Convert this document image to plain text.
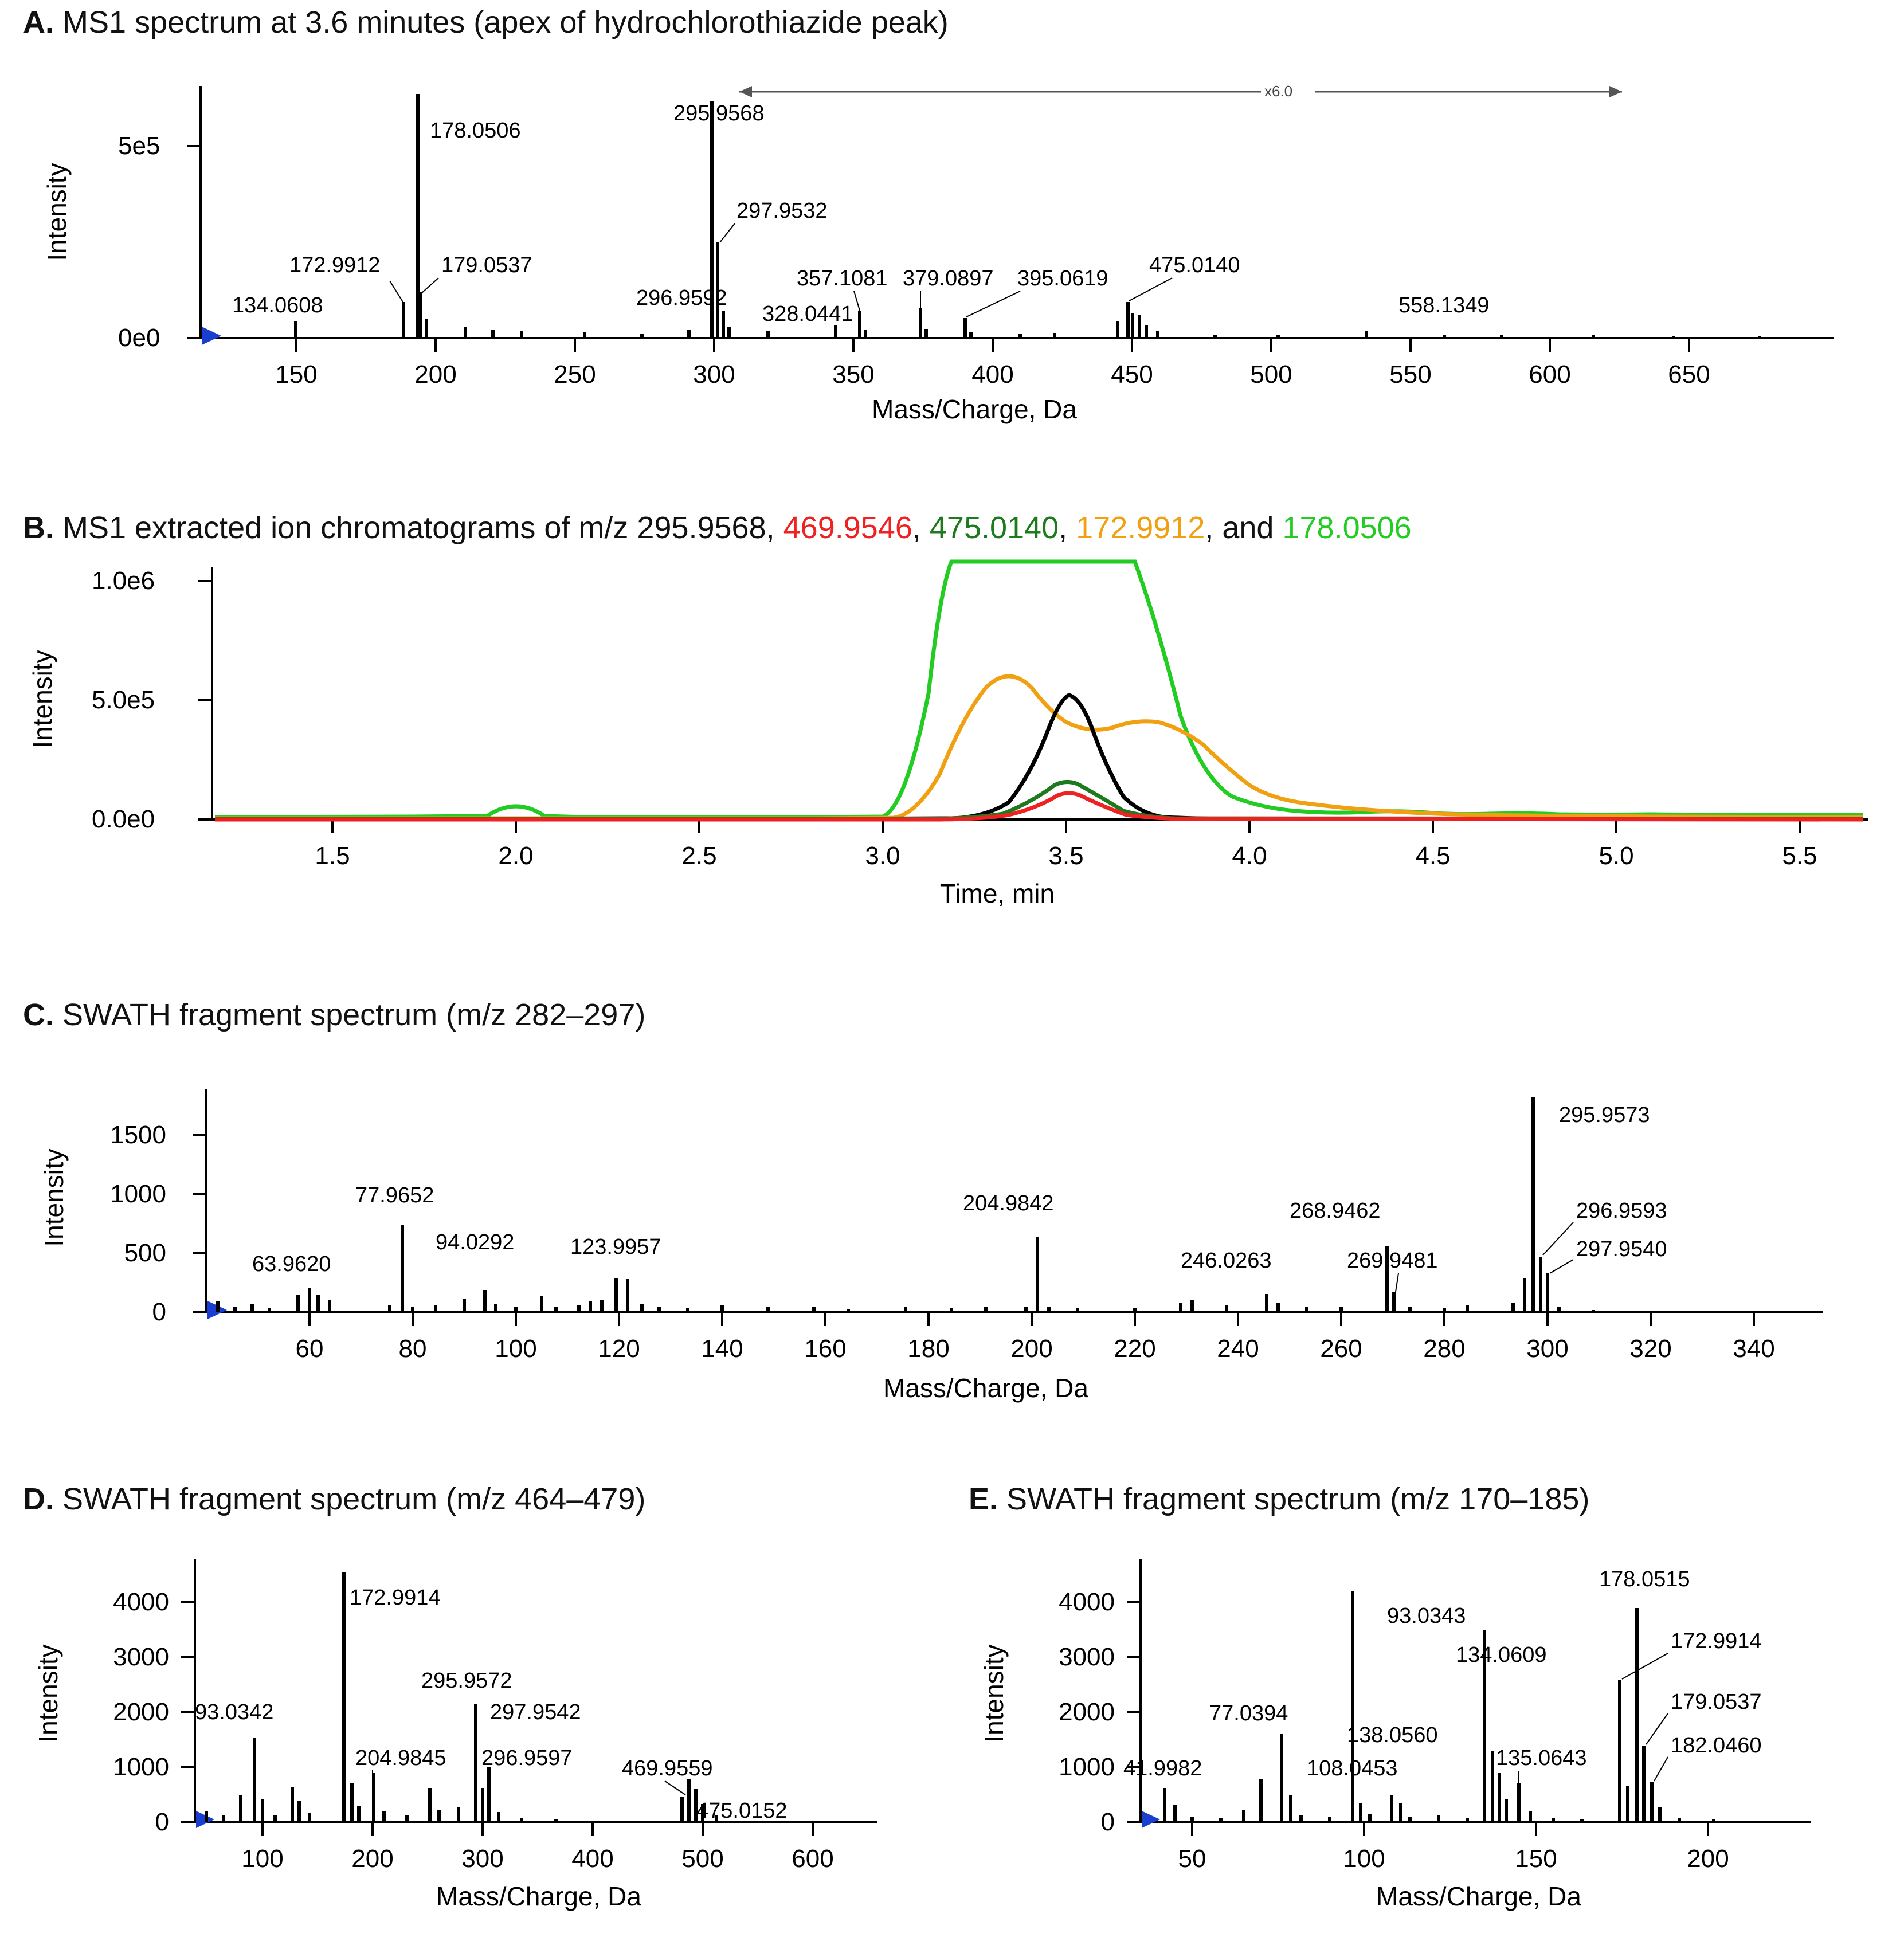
A. MS1 spectrum at 3.6 minutes (apex of hydrochlorothiazide peak)
x6.0
0e0
5e5
150	200	250	300	350	400	450	500	550	600	650
134.0608
172.9912
178.0506
179.0537
296.9592
295.9568
297.9532
328.0441
357.1081 379.0897 395.0619
475.0140
558.1349
Mass/Charge, Da
Intensity
B. MS1 extracted ion chromatograms of m/z 295.9568, 469.9546, 475.0140, 172.9912, and 178.0506
0.0e0
5.0e5
1.0e6
1.5	2.0	2.5	3.0	3.5	4.0	4.5	5.0	5.5
Time, min
Intensity
C. SWATH fragment spectrum (m/z 282–297)
0
500
1000
1500
60	80	100 120 140 160 180 200 220 240 260 280 300 320 340
63.9620
77.9652
94.0292	123.9957
204.9842
246.0263
268.9462
269.9481
295.9573
296.9593
297.9540
Mass/Charge, Da
Intensity
D. SWATH fragment spectrum (m/z 464–479)
0
1000
2000
3000
4000
100	200	300	400	500	600
93.0342
172.9914
204.9845
295.9572
297.9542
296.9597 469.9559
475.0152
Mass/Charge, Da
Intensity
E. SWATH fragment spectrum (m/z 170–185)
0
1000
2000
3000
4000
50	100	150	200
41.9982
77.0394
93.0343
108.0453
138.0560
134.0609
135.0643
178.0515
172.9914
179.0537
182.0460
Mass/Charge, Da
Intensity
